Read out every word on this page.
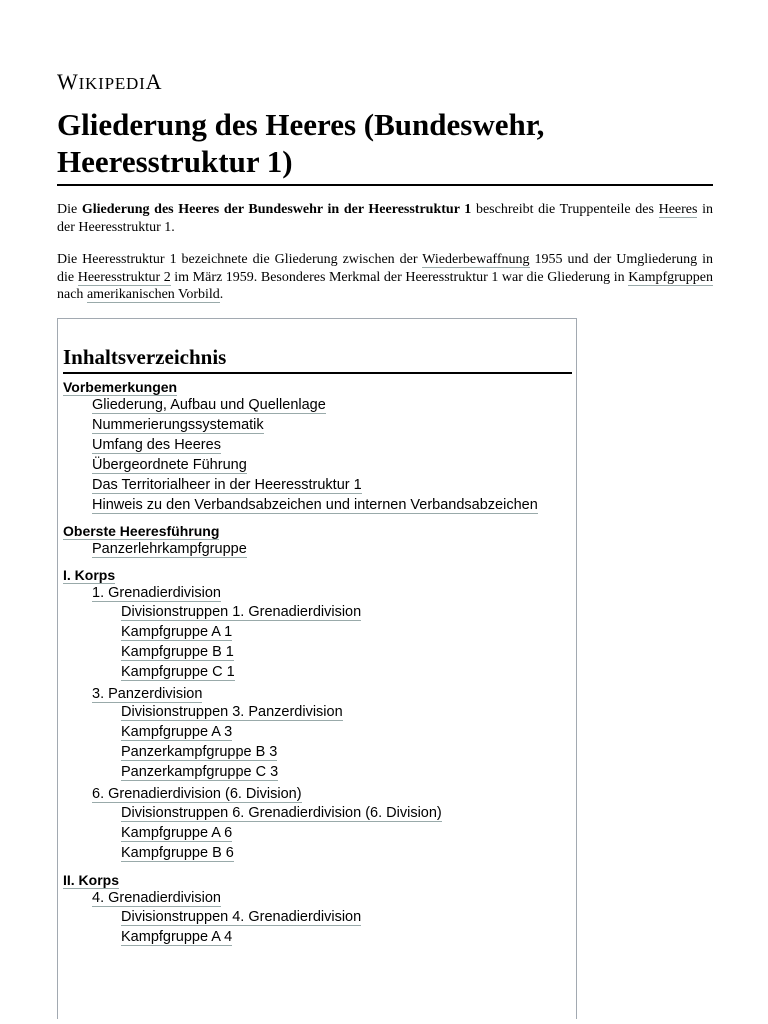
WIKIPEDIA
Gliederung des Heeres (Bundeswehr, Heeresstruktur 1)

Die Gliederung des Heeres der Bundeswehr in der Heeresstruktur 1 beschreibt die Truppenteile des Heeres in der Heeresstruktur 1.

Die Heeresstruktur 1 bezeichnete die Gliederung zwischen der Wiederbewaffnung 1955 und der Umgliederung in die Heeresstruktur 2 im März 1959. Besonderes Merkmal der Heeresstruktur 1 war die Gliederung in Kampfgruppen nach amerikanischen Vorbild.

Inhaltsverzeichnis
Vorbemerkungen
Gliederung, Aufbau und Quellenlage
Nummerierungssystematik
Umfang des Heeres
Übergeordnete Führung
Das Territorialheer in der Heeresstruktur 1
Hinweis zu den Verbandsabzeichen und internen Verbandsabzeichen
Oberste Heeresführung
Panzerlehrkampfgruppe
I. Korps
1. Grenadierdivision
Divisionstruppen 1. Grenadierdivision
Kampfgruppe A 1
Kampfgruppe B 1
Kampfgruppe C 1
3. Panzerdivision
Divisionstruppen 3. Panzerdivision
Kampfgruppe A 3
Panzerkampfgruppe B 3
Panzerkampfgruppe C 3
6. Grenadierdivision (6. Division)
Divisionstruppen 6. Grenadierdivision (6. Division)
Kampfgruppe A 6
Kampfgruppe B 6
II. Korps
4. Grenadierdivision
Divisionstruppen 4. Grenadierdivision
Kampfgruppe A 4
